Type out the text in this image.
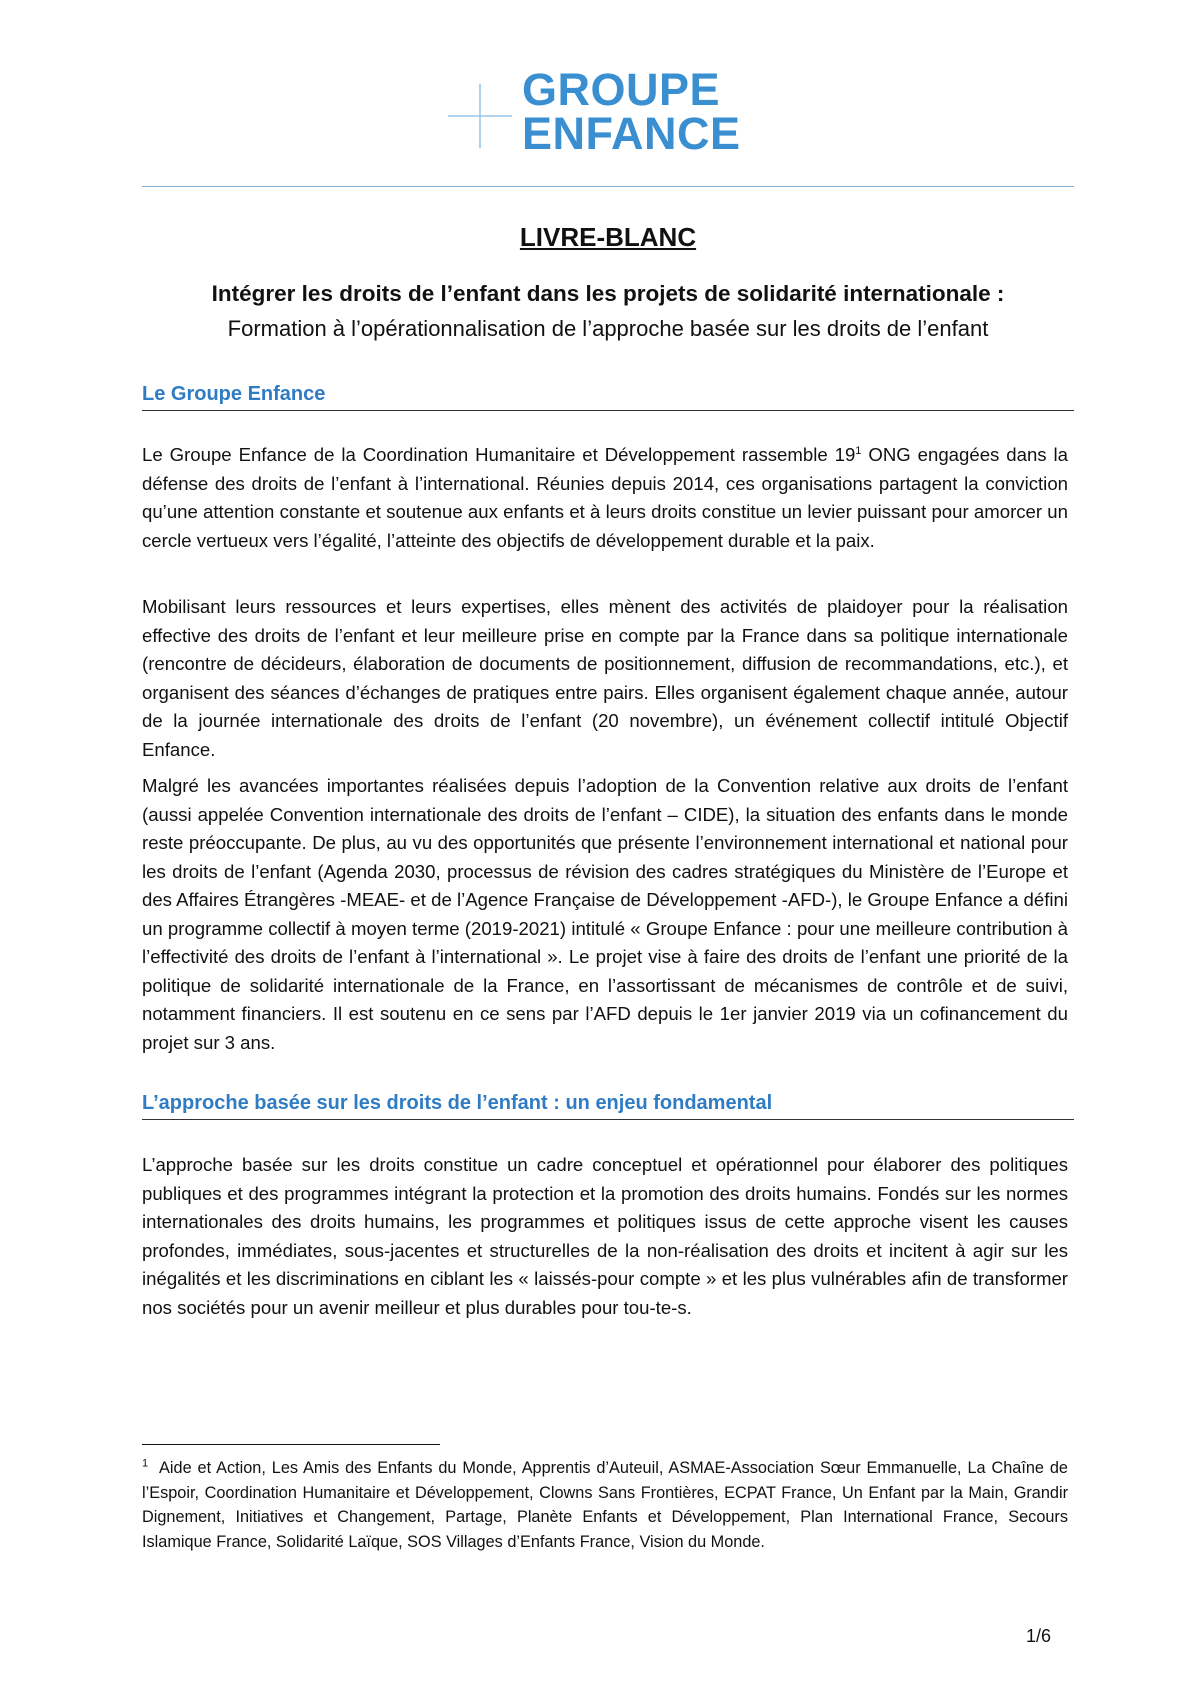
GROUPE
ENFANCE
LIVRE-BLANC
Intégrer les droits de l’enfant dans les projets de solidarité internationale :
Formation à l’opérationnalisation de l’approche basée sur les droits de l’enfant
Le Groupe Enfance

Le Groupe Enfance de la Coordination Humanitaire et Développement rassemble $19^1$ ONG engagées dans la défense des droits de l’enfant à l’international. Réunies depuis 2014, ces organisations partagent la conviction qu’une attention constante et soutenue aux enfants et à leurs droits constitue un levier puissant pour amorcer un cercle vertueux vers l’égalité, l’atteinte des objectifs de développement durable et la paix.

Mobilisant leurs ressources et leurs expertises, elles mènent des activités de plaidoyer pour la réalisation effective des droits de l’enfant et leur meilleure prise en compte par la France dans sa politique internationale (rencontre de décideurs, élaboration de documents de positionnement, diffusion de recommandations, etc.), et organisent des séances d’échanges de pratiques entre pairs. Elles organisent également chaque année, autour de la journée internationale des droits de l’enfant (20 novembre), un événement collectif intitulé Objectif Enfance.

Malgré les avancées importantes réalisées depuis l’adoption de la Convention relative aux droits de l’enfant (aussi appelée Convention internationale des droits de l’enfant – CIDE), la situation des enfants dans le monde reste préoccupante. De plus, au vu des opportunités que présente l’environnement international et national pour les droits de l’enfant (Agenda 2030, processus de révision des cadres stratégiques du Ministère de l’Europe et des Affaires Étrangères -MEAE- et de l’Agence Française de Développement -AFD-), le Groupe Enfance a défini un programme collectif à moyen terme (2019-2021) intitulé « Groupe Enfance : pour une meilleure contribution à l’effectivité des droits de l’enfant à l’international ». Le projet vise à faire des droits de l’enfant une priorité de la politique de solidarité internationale de la France, en l’assortissant de mécanismes de contrôle et de suivi, notamment financiers. Il est soutenu en ce sens par l’AFD depuis le 1er janvier 2019 via un cofinancement du projet sur 3 ans.

L’approche basée sur les droits de l’enfant : un enjeu fondamental

L’approche basée sur les droits constitue un cadre conceptuel et opérationnel pour élaborer des politiques publiques et des programmes intégrant la protection et la promotion des droits humains. Fondés sur les normes internationales des droits humains, les programmes et politiques issus de cette approche visent les causes profondes, immédiates, sous-jacentes et structurelles de la non-réalisation des droits et incitent à agir sur les inégalités et les discriminations en ciblant les « laissés-pour compte » et les plus vulnérables afin de transformer nos sociétés pour un avenir meilleur et plus durables pour tou-te-s.

$^1$ Aide et Action, Les Amis des Enfants du Monde, Apprentis d’Auteuil, ASMAE-Association Sœur Emmanuelle, La Chaîne de l’Espoir, Coordination Humanitaire et Développement, Clowns Sans Frontières, ECPAT France, Un Enfant par la Main, Grandir Dignement, Initiatives et Changement, Partage, Planète Enfants et Développement, Plan International France, Secours Islamique France, Solidarité Laïque, SOS Villages d’Enfants France, Vision du Monde.

1/6
